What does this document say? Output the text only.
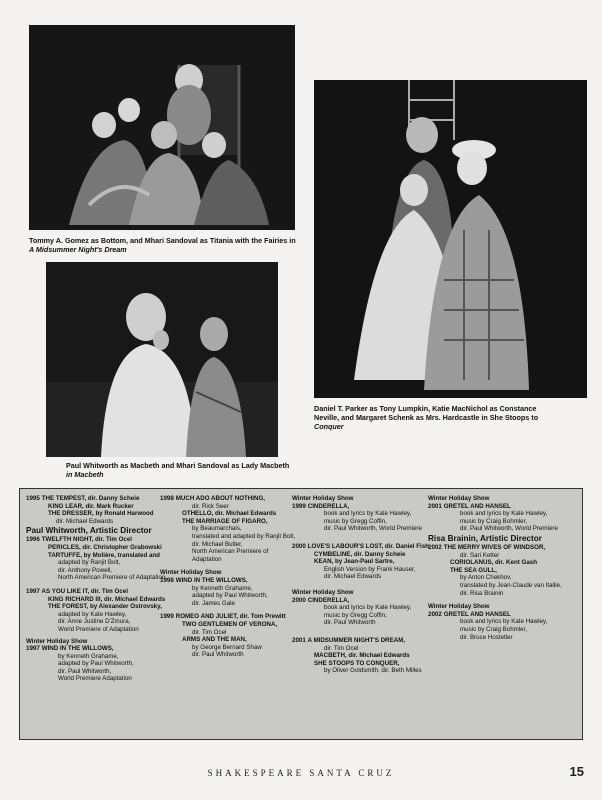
Tommy A. Gomez as Bottom, and Mhari Sandoval as Titania with the Fairies in
A Midsummer Night's Dream
Daniel T. Parker as Tony Lumpkin, Katie MacNichol as Constance
Neville, and Margaret Schenk as Mrs. Hardcastle in She Stoops to
Conquer
Paul Whitworth as Macbeth and Mhari Sandoval as Lady Macbeth
in Macbeth
1995 THE TEMPEST, dir. Danny Scheie
KING LEAR, dir. Mark Rucker
THE DRESSER, by Ronald Harwood
dir. Michael Edwards
Paul Whitworth, Artistic Director
1996 TWELFTH NIGHT, dir. Tim Ocel
PERICLES, dir. Christopher Grabowski
TARTUFFE, by Molière, translated and
adapted by Ranjit Bolt,
dir. Anthony Powell,
North American Premiere of Adaptation
1997 AS YOU LIKE IT, dir. Tim Ocel
KING RICHARD III, dir. Michael Edwards
THE FOREST, by Alexander Ostrovsky,
adapted by Kate Hawley,
dir. Anne Justine D'Zmura,
World Premiere of Adaptation
Winter Holiday Show
1997 WIND IN THE WILLOWS,
by Kenneth Grahame,
adapted by Paul Whitworth,
dir. Paul Whitworth,
World Premiere Adaptation
1998 MUCH ADO ABOUT NOTHING,
dir. Rick Seer
OTHELLO, dir. Michael Edwards
THE MARRIAGE OF FIGARO,
by Beaumarchais,
translated and adapted by Ranjit Bolt,
dir. Michael Butler,
North American Premiere of
Adaptation
Winter Holiday Show
1998 WIND IN THE WILLOWS,
by Kenneth Grahame,
adapted by Paul Whitworth,
dir. James Gale
1999 ROMEO AND JULIET, dir. Tom Prewitt
TWO GENTLEMEN OF VERONA,
dir. Tim Ocel
ARMS AND THE MAN,
by George Bernard Shaw
dir. Paul Whitworth
Winter Holiday Show
1999 CINDERELLA,
book and lyrics by Kate Hawley,
music by Gregg Coffin,
dir. Paul Whitworth, World Premiere
2000 LOVE'S LABOUR'S LOST, dir. Daniel Fish
CYMBELINE, dir. Danny Scheie
KEAN, by Jean-Paul Sartre,
English Version by Frank Hauser,
dir. Michael Edwards
Winter Holiday Show
2000 CINDERELLA,
book and lyrics by Kate Hawley,
music by Gregg Coffin,
dir. Paul Whitworth
2001 A MIDSUMMER NIGHT'S DREAM,
dir. Tim Ocel
MACBETH, dir. Michael Edwards
SHE STOOPS TO CONQUER,
by Oliver Goldsmith, dir. Beth Milles
Winter Holiday Show
2001 GRETEL AND HANSEL
book and lyrics by Kate Hawley,
music by Craig Bohmler,
dir. Paul Whitworth, World Premiere
Risa Brainin, Artistic Director
2002 THE MERRY WIVES OF WINDSOR,
dir. Sari Ketter
CORIOLANUS, dir. Kent Gash
THE SEA GULL,
by Anton Chekhov,
translated by Jean-Claude van Itallie,
dir. Risa Brainin
Winter Holiday Show
2002 GRETEL AND HANSEL
book and lyrics by Kate Hawley,
music by Craig Bohmler,
dir. Bruce Hostetler
SHAKESPEARE SANTA CRUZ	15
